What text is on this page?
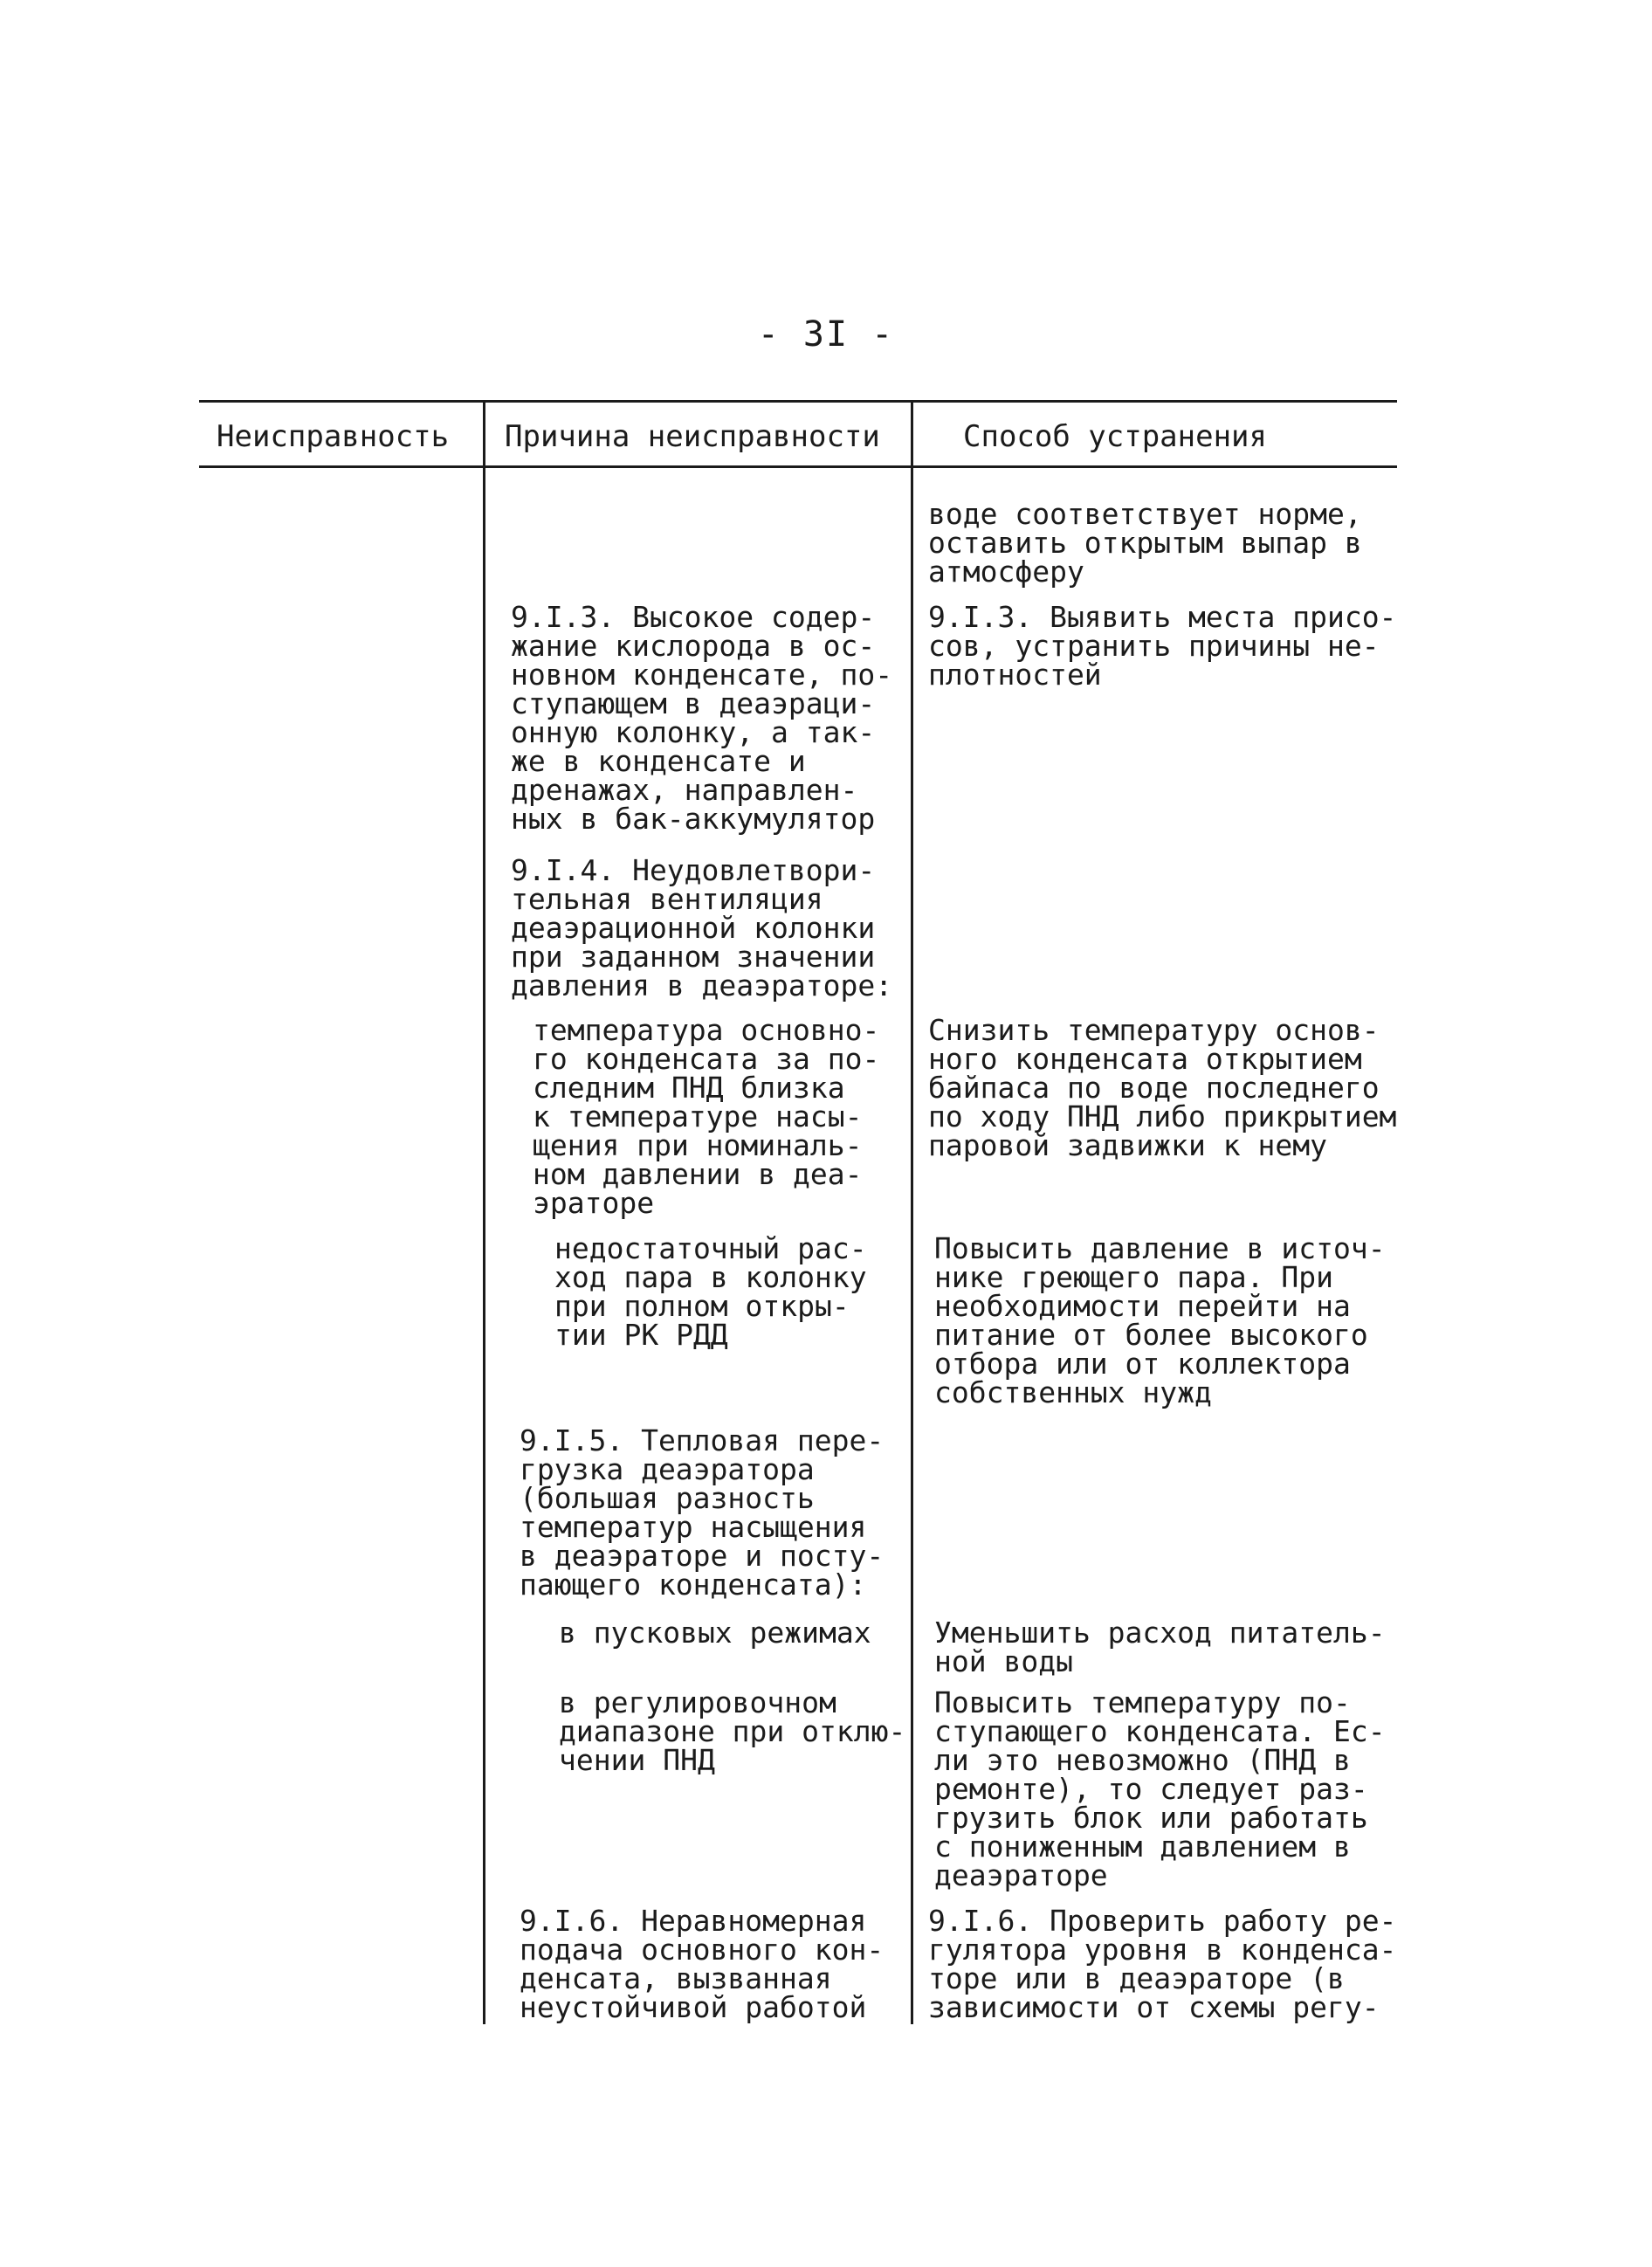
- 3I -
Неисправность Причина неисправности	Способ устранения
воде соответствует норме,
оставить открытым выпар в
атмосферу
9.I.3. Высокое содер-
жание кислорода в ос-
новном конденсате, по-
ступающем в деаэраци-
онную колонку, а так-
же в конденсате и
дренажах, направлен-
ных в бак-аккумулятор
9.I.3. Выявить места присо-
сов, устранить причины не-
плотностей
9.I.4. Неудовлетвори-
тельная вентиляция
деаэрационной колонки
при заданном значении
давления в деаэраторе:
температура основно-
го конденсата за по-
следним ПНД близка
к температуре насы-
щения при номиналь-
ном давлении в деа-
эраторе
Снизить температуру основ-
ного конденсата открытием
байпаса по воде последнего
по ходу ПНД либо прикрытием
паровой задвижки к нему
недостаточный рас-
ход пара в колонку
при полном откры-
тии РК РДД
Повысить давление в источ-
нике греющего пара. При
необходимости перейти на
питание от более высокого
отбора или от коллектора
собственных нужд
9.I.5. Тепловая пере-
грузка деаэратора
(большая разность
температур насыщения
в деаэраторе и посту-
пающего конденсата):
в пусковых режимах Уменьшить расход питатель-
ной воды
в регулировочном
диапазоне при отклю-
чении ПНД
Повысить температуру по-
ступающего конденсата. Ес-
ли это невозможно (ПНД в
ремонте), то следует раз-
грузить блок или работать
с пониженным давлением в
деаэраторе
9.I.6. Неравномерная
подача основного кон-
денсата, вызванная
неустойчивой работой
9.I.6. Проверить работу ре-
гулятора уровня в конденса-
торе или в деаэраторе (в
зависимости от схемы регу-
